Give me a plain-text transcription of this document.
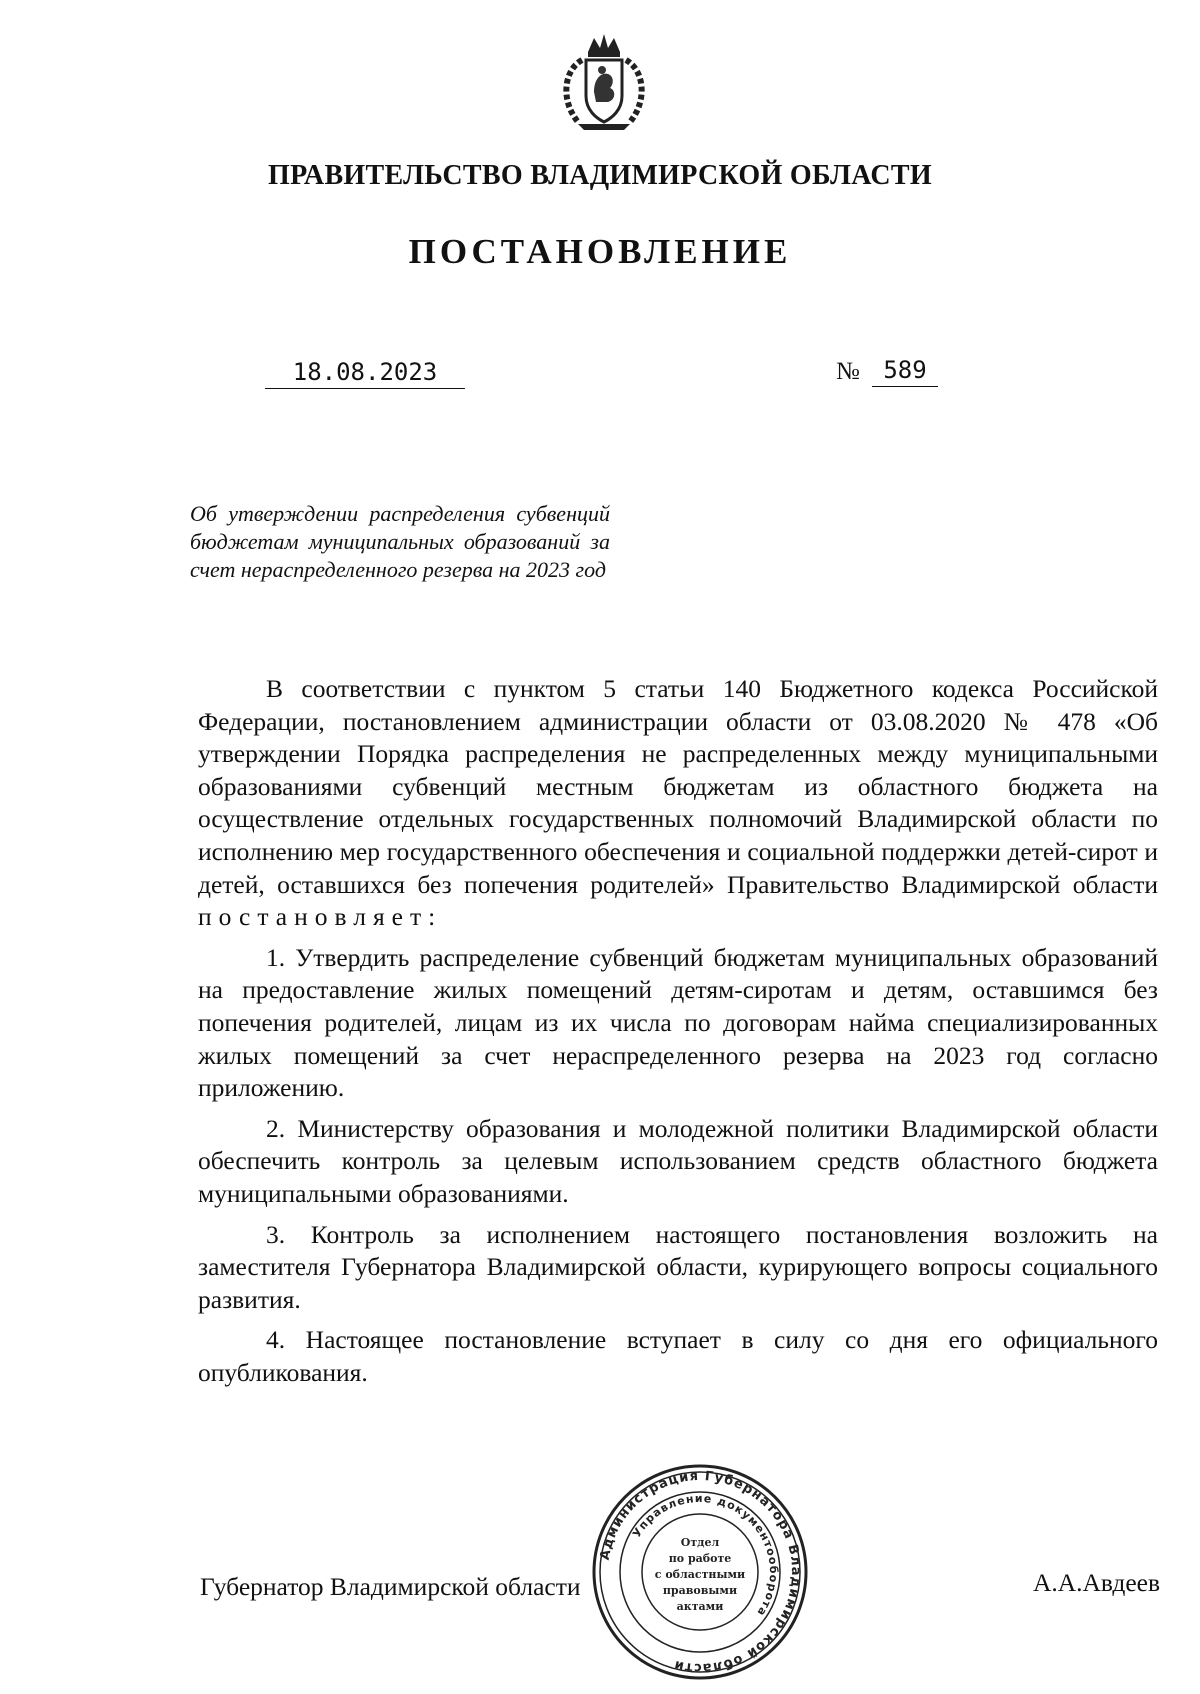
ПРАВИТЕЛЬСТВО ВЛАДИМИРСКОЙ ОБЛАСТИ
ПОСТАНОВЛЕНИЕ
18.08.2023	№ 589
Об утверждении распределения субвенций бюджетам муниципальных образований за счет нераспределенного резерва на 2023 год

В соответствии с пунктом 5 статьи 140 Бюджетного кодекса Российской Федерации, постановлением администрации области от 03.08.2020 № 478 «Об утверждении Порядка распределения не распределенных между муниципальными образованиями субвенций местным бюджетам из областного бюджета на осуществление отдельных государственных полномочий Владимирской области по исполнению мер государственного обеспечения и социальной поддержки детей-сирот и детей, оставшихся без попечения родителей» Правительство Владимирской области постановляет:

1. Утвердить распределение субвенций бюджетам муниципальных образований на предоставление жилых помещений детям-сиротам и детям, оставшимся без попечения родителей, лицам из их числа по договорам найма специализированных жилых помещений за счет нераспределенного резерва на 2023 год согласно приложению.

2. Министерству образования и молодежной политики Владимирской области обеспечить контроль за целевым использованием средств областного бюджета муниципальными образованиями.

3. Контроль за исполнением настоящего постановления возложить на заместителя Губернатора Владимирской области, курирующего вопросы социального развития.

4. Настоящее постановление вступает в силу со дня его официального опубликования.

Губернатор Владимирской области	А.А.Авдеев
Администрация Губернатора Владимирской области
Управление документооборота
Отдел
по работе
с областными
правовыми
актами
